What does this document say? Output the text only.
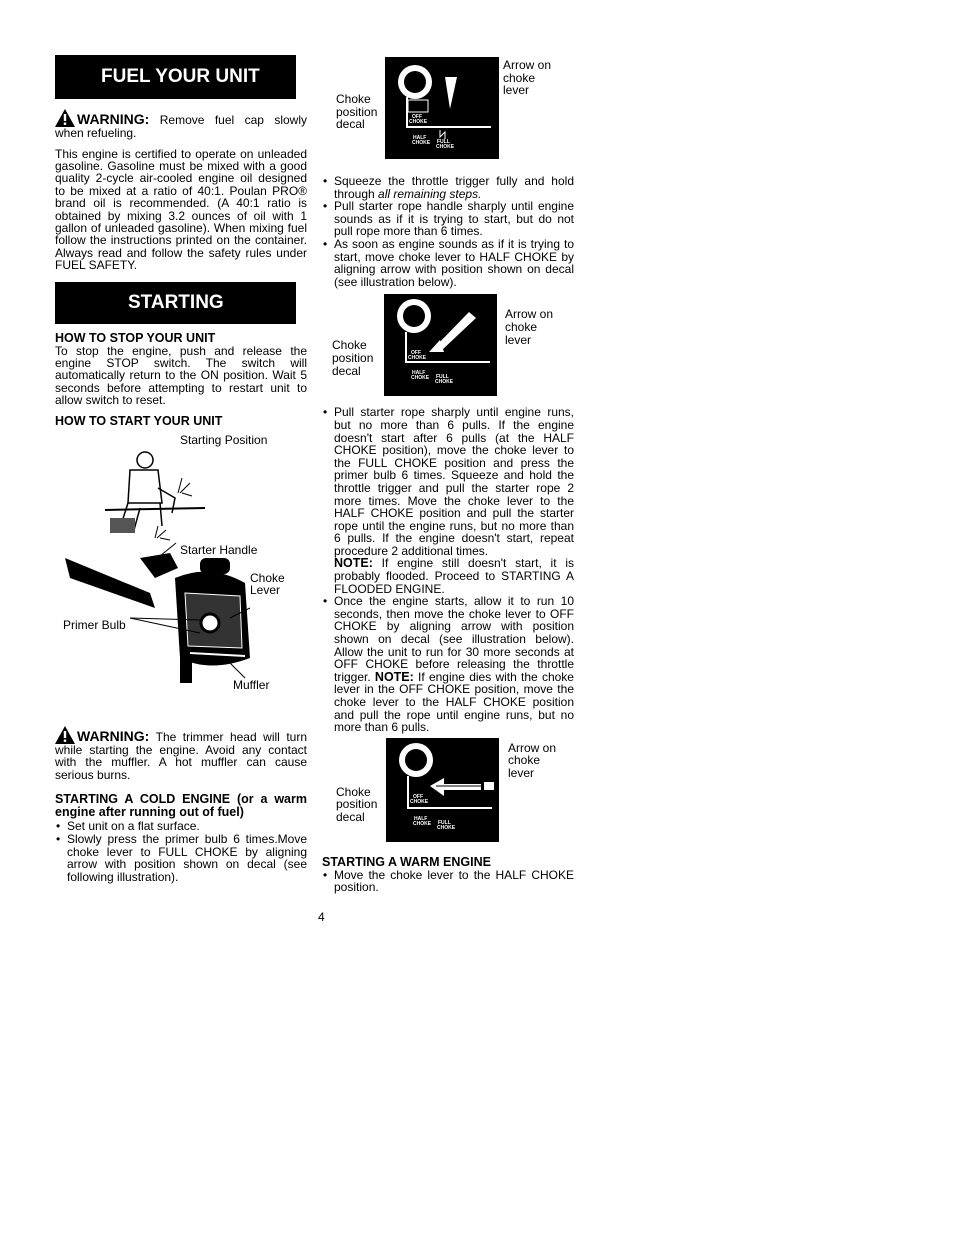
FUEL YOUR UNIT
WARNING: Remove fuel cap slowly when refueling.

This engine is certified to operate on unleaded gasoline. Gasoline must be mixed with a good quality 2-cycle air-cooled engine oil designed to be mixed at a ratio of 40:1. Poulan PRO® brand oil is recommended. (A 40:1 ratio is obtained by mixing 3.2 ounces of oil with 1 gallon of unleaded gasoline). When mixing fuel follow the instructions printed on the container. Always read and follow the safety rules under FUEL SAFETY.

STARTING
HOW TO STOP YOUR UNIT

To stop the engine, push and release the engine STOP switch. The switch will automatically return to the ON position. Wait 5 seconds before attempting to restart unit to allow switch to reset.

HOW TO START YOUR UNIT
Starting Position
Starter Handle
Choke Lever
Primer Bulb
Muffler
WARNING: The trimmer head will turn while starting the engine. Avoid any contact with the muffler. A hot muffler can cause serious burns.
STARTING A COLD ENGINE (or a warm engine after running out of fuel)
• Set unit on a flat surface.
• Slowly press the primer bulb 6 times.Move choke lever to FULL CHOKE by aligning arrow with position shown on decal (see following illustration).
OFF
CHOKE
HALF
CHOKE FULL
CHOKE
Arrow on choke lever
Choke position decal
• Squeeze the throttle trigger fully and hold through all remaining steps.
• Pull starter rope handle sharply until engine sounds as if it is trying to start, but do not pull rope more than 6 times.
• As soon as engine sounds as if it is trying to start, move choke lever to HALF CHOKE by aligning arrow with position shown on decal (see illustration below).
OFF
CHOKE
HALF
CHOKE FULL
CHOKE
Arrow on choke lever
Choke position decal
• Pull starter rope sharply until engine runs, but no more than 6 pulls. If the engine doesn't start after 6 pulls (at the HALF CHOKE position), move the choke lever to the FULL CHOKE position and press the primer bulb 6 times. Squeeze and hold the throttle trigger and pull the starter rope 2 more times. Move the choke lever to the HALF CHOKE position and pull the starter rope until the engine runs, but no more than 6 pulls. If the engine doesn't start, repeat procedure 2 additional times.
NOTE: If engine still doesn't start, it is probably flooded. Proceed to STARTING A FLOODED ENGINE.
• Once the engine starts, allow it to run 10 seconds, then move the choke lever to OFF CHOKE by aligning arrow with position shown on decal (see illustration below). Allow the unit to run for 30 more seconds at OFF CHOKE before releasing the throttle trigger. NOTE: If engine dies with the choke lever in the OFF CHOKE position, move the choke lever to the HALF CHOKE position and pull the rope until engine runs, but no more than 6 pulls.
OFF
CHOKE
HALF
CHOKE FULL
CHOKE
Arrow on choke lever
Choke position decal
STARTING A WARM ENGINE
• Move the choke lever to the HALF CHOKE position.
4
